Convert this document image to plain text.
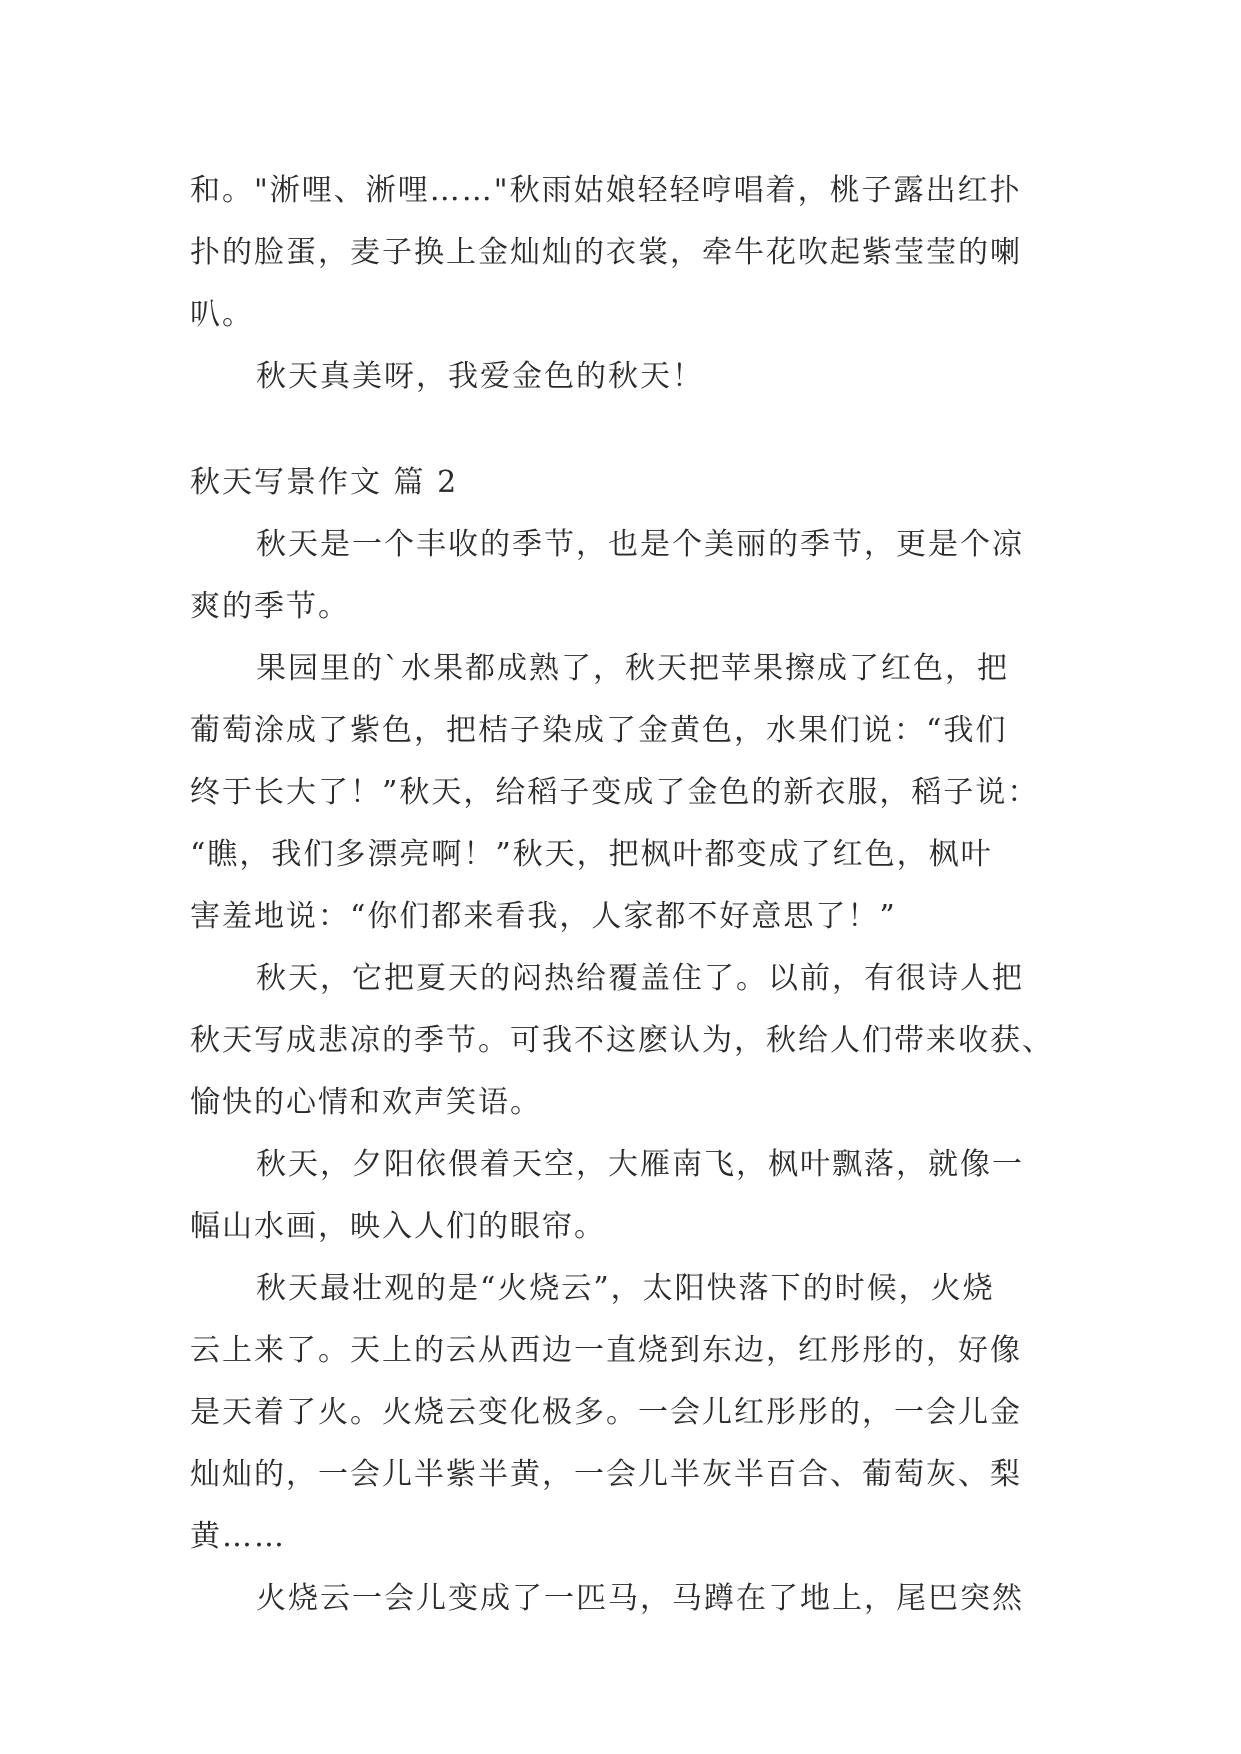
和。"淅哩、淅哩……"秋雨姑娘轻轻哼唱着，桃子露出红扑
扑的脸蛋，麦子换上金灿灿的衣裳，牵牛花吹起紫莹莹的喇
叭。
秋天真美呀，我爱金色的秋天！
秋天写景作文 篇 2
秋天是一个丰收的季节，也是个美丽的季节，更是个凉
爽的季节。
果园里的`水果都成熟了，秋天把苹果擦成了红色，把
葡萄涂成了紫色，把桔子染成了金黄色，水果们说：“我们
终于长大了！”秋天，给稻子变成了金色的新衣服，稻子说：
“瞧，我们多漂亮啊！”秋天，把枫叶都变成了红色，枫叶
害羞地说：“你们都来看我，人家都不好意思了！”
秋天，它把夏天的闷热给覆盖住了。以前，有很诗人把
秋天写成悲凉的季节。可我不这麽认为，秋给人们带来收获、
愉快的心情和欢声笑语。
秋天，夕阳依偎着天空，大雁南飞，枫叶飘落，就像一
幅山水画，映入人们的眼帘。
秋天最壮观的是“火烧云”，太阳快落下的时候，火烧
云上来了。天上的云从西边一直烧到东边，红彤彤的，好像
是天着了火。火烧云变化极多。一会儿红彤彤的，一会儿金
灿灿的，一会儿半紫半黄，一会儿半灰半百合、葡萄灰、梨
黄……
火烧云一会儿变成了一匹马，马蹲在了地上，尾巴突然
